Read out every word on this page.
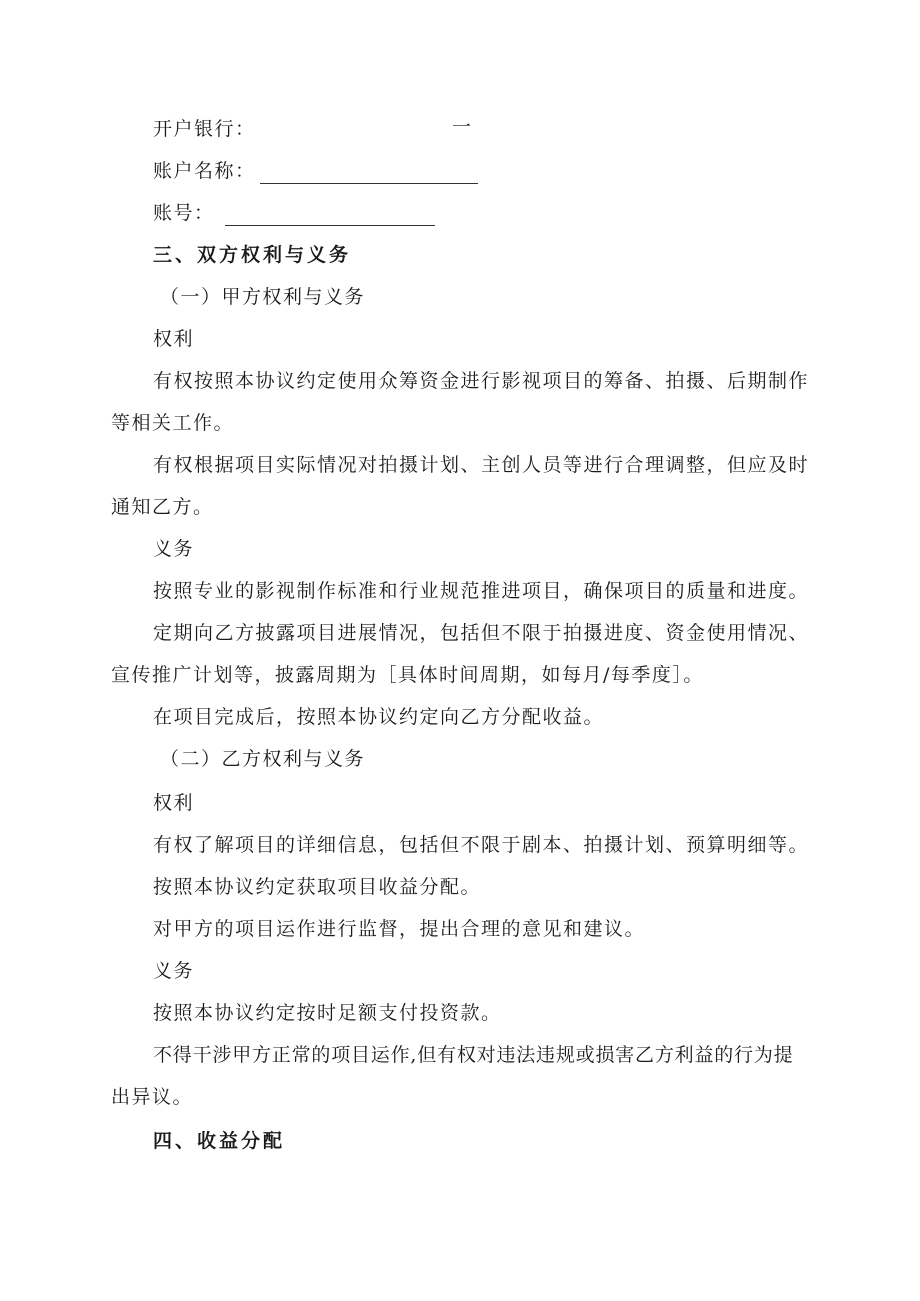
开户银行：	一
账户名称：
账号：
三、双方权利与义务
（一）甲方权利与义务
权利
有权按照本协议约定使用众筹资金进行影视项目的筹备、拍摄、后期制作
等相关工作。
有权根据项目实际情况对拍摄计划、主创人员等进行合理调整，但应及时
通知乙方。
义务
按照专业的影视制作标准和行业规范推进项目，确保项目的质量和进度。
定期向乙方披露项目进展情况，包括但不限于拍摄进度、资金使用情况、
宣传推广计划等，披露周期为［具体时间周期，如每月/每季度］。
在项目完成后，按照本协议约定向乙方分配收益。
（二）乙方权利与义务
权利
有权了解项目的详细信息，包括但不限于剧本、拍摄计划、预算明细等。
按照本协议约定获取项目收益分配。
对甲方的项目运作进行监督，提出合理的意见和建议。
义务
按照本协议约定按时足额支付投资款。
不得干涉甲方正常的项目运作,但有权对违法违规或损害乙方利益的行为提
出异议。
四、收益分配
